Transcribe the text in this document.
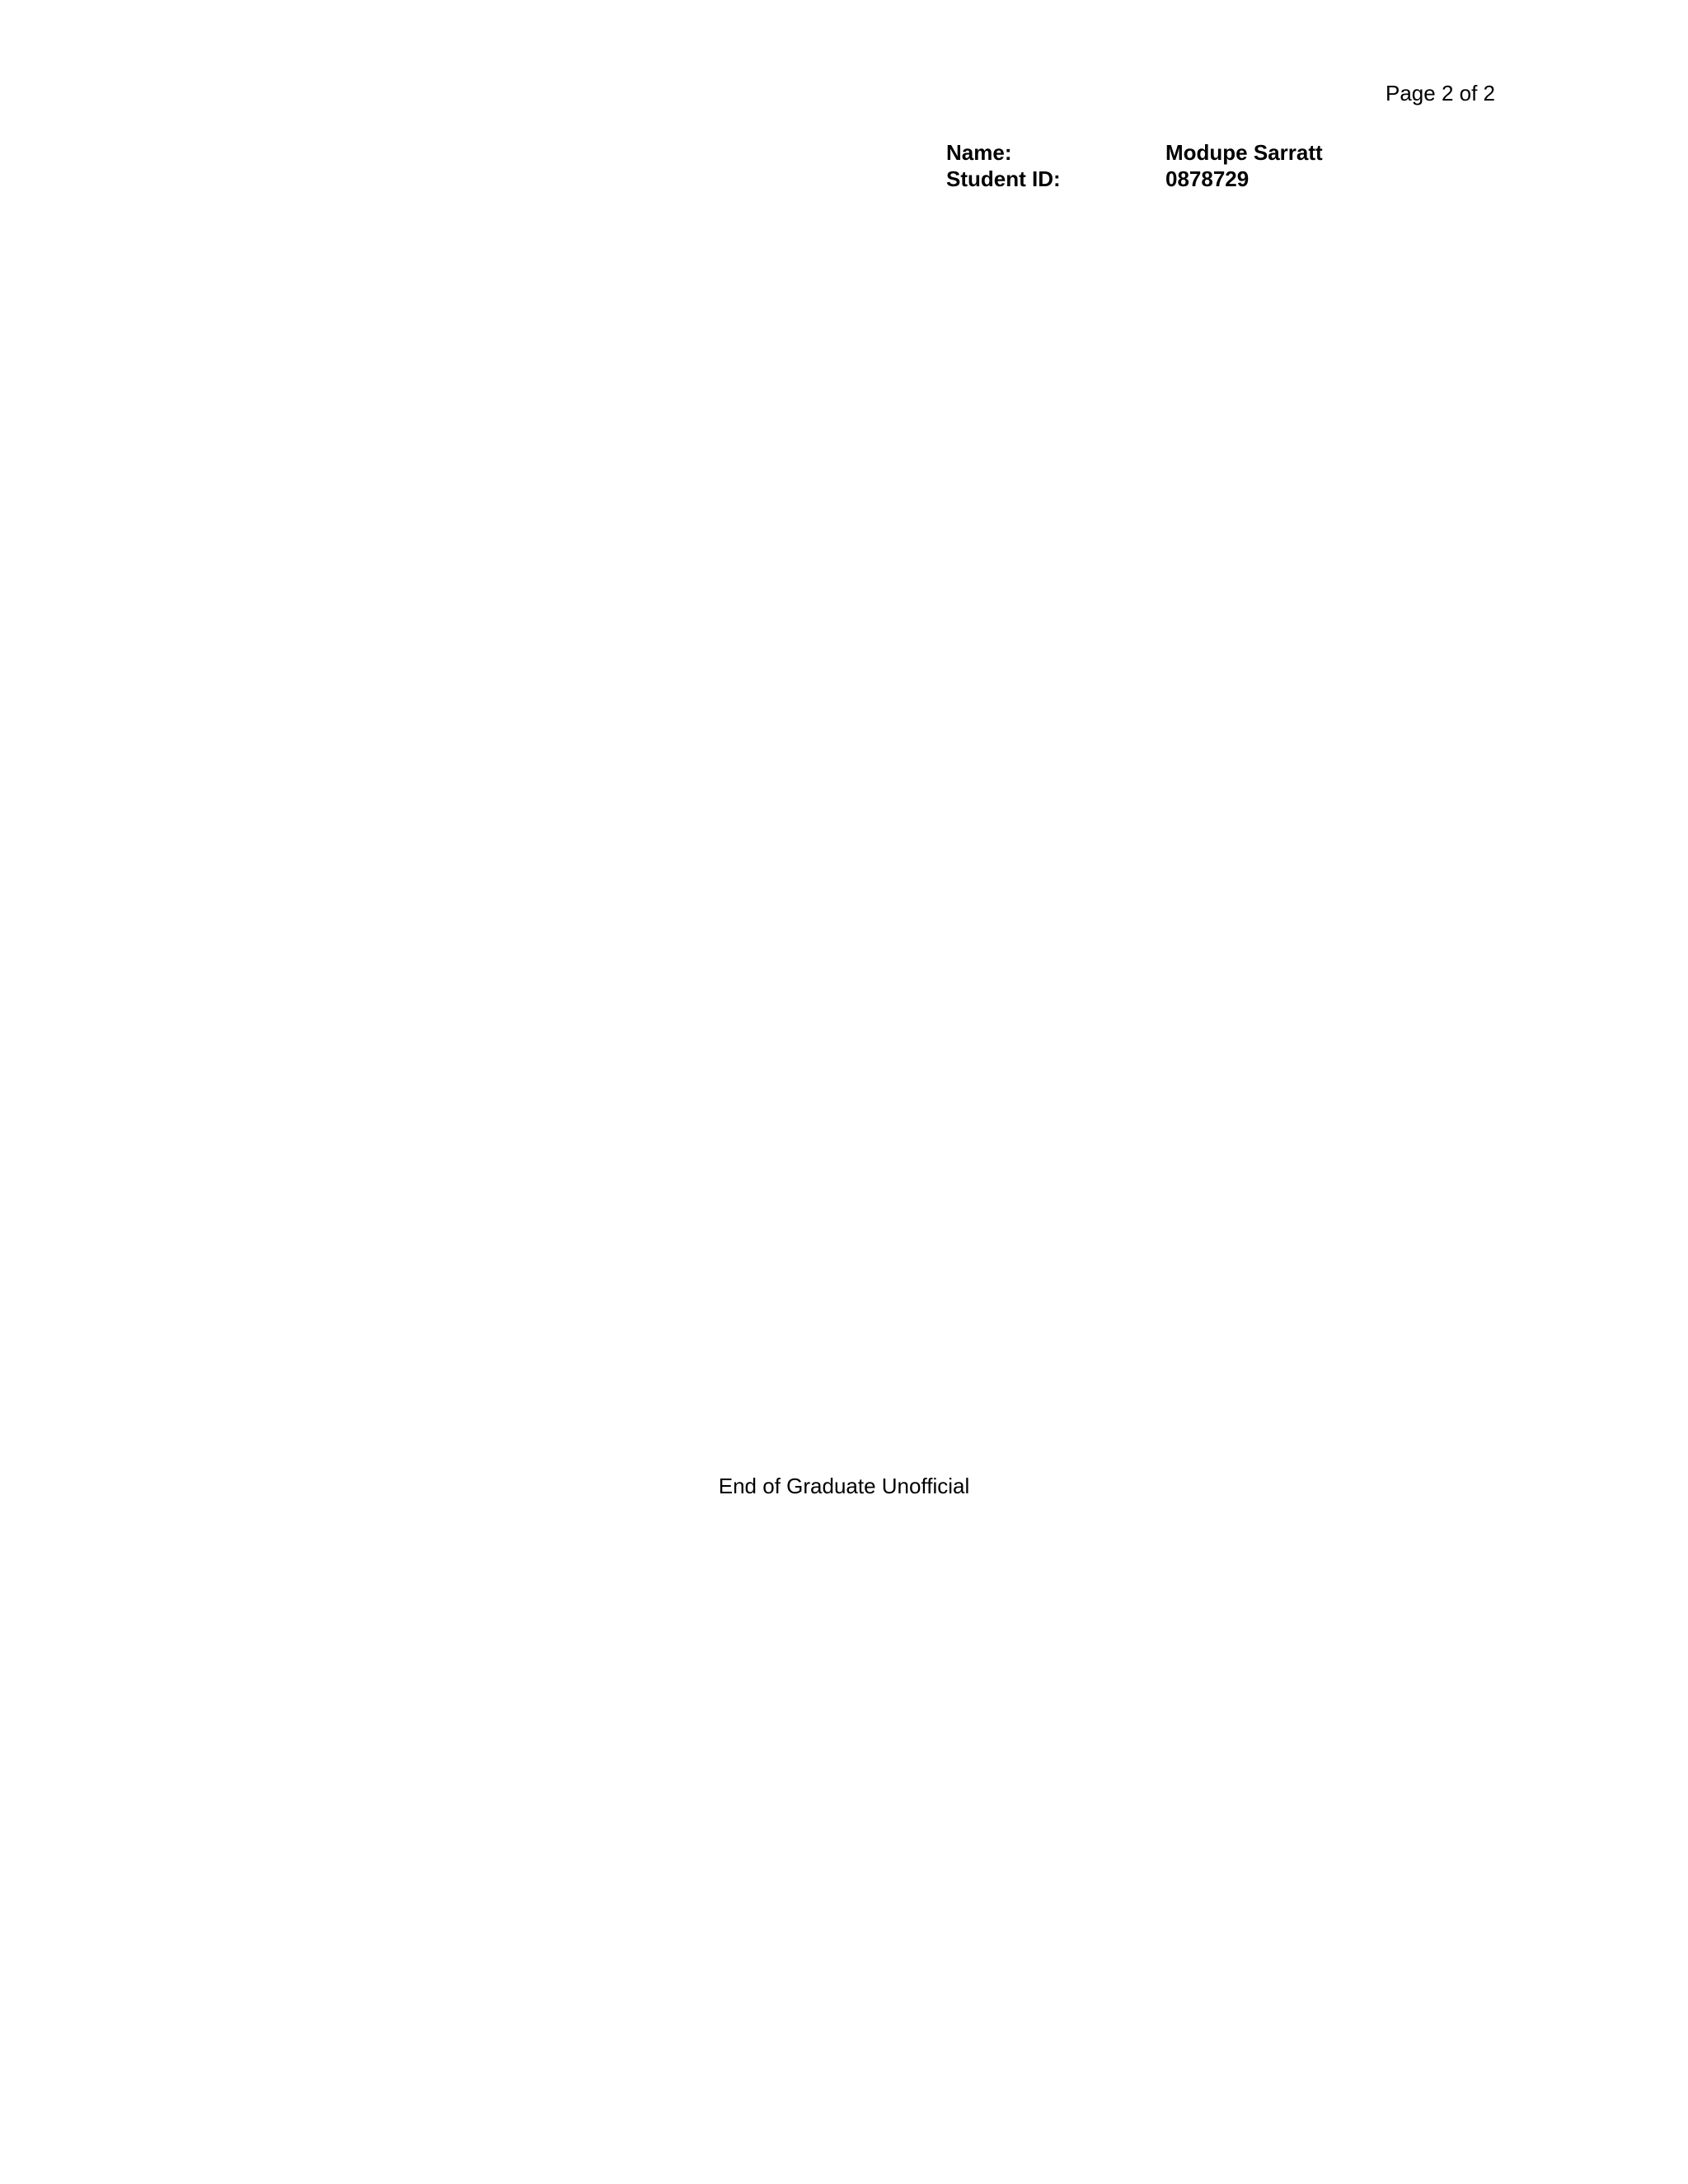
Page 2 of 2
Name:	Modupe Sarratt
Student ID:	0878729
End of Graduate Unofficial
